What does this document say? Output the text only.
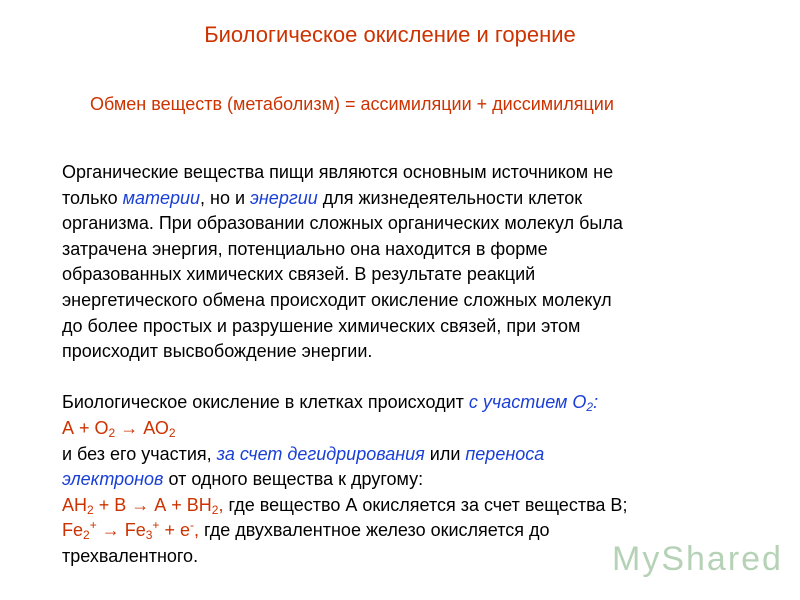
Биологическое окисление и горение
Обмен веществ (метаболизм) = ассимиляции + диссимиляции
Органические вещества пищи являются основным источником не
только материи, но и энергии для жизнедеятельности клеток
организма. При образовании сложных органических молекул была
затрачена энергия, потенциально она находится в форме
образованных химических связей. В результате реакций
энергетического обмена происходит окисление сложных молекул
до более простых и разрушение химических связей, при этом
происходит высвобождение энергии.
Биологическое окисление в клетках происходит с участием $О_2$:
$А + О_2 \to АО_2$
и без его участия, за счет дегидрирования или переноса
электронов от одного вещества к другому:
$АН_2 + В \to А + ВН_2$, где вещество А окисляется за счет вещества В;
$Fe_2^+ \to Fe_3^+ + е^-$, где двухвалентное железо окисляется до
трехвалентного.	МyShared
